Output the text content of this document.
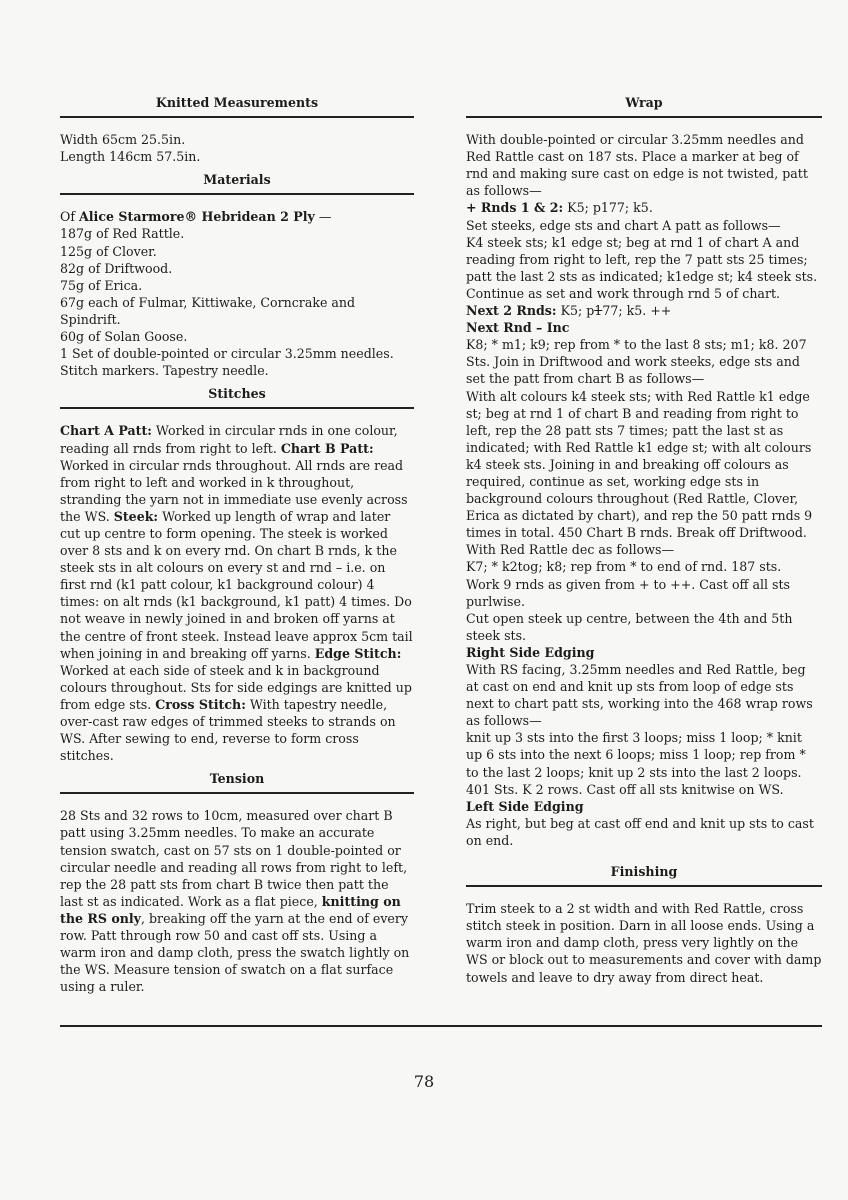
Knitted Measurements

Width 65cm 25.5in.

Length 146cm 57.5in.

Materials

Of Alice Starmore® Hebridean 2 Ply —

187g of Red Rattle.

125g of Clover.

82g of Driftwood.

75g of Erica.

67g each of Fulmar, Kittiwake, Corncrake and Spindrift.

60g of Solan Goose.

1 Set of double-pointed or circular 3.25mm needles.

Stitch markers. Tapestry needle.

Stitches

Chart A Patt: Worked in circular rnds in one colour, reading all rnds from right to left. Chart B Patt: Worked in circular rnds throughout. All rnds are read from right to left and worked in k throughout, stranding the yarn not in immediate use evenly across the WS. Steek: Worked up length of wrap and later cut up centre to form opening. The steek is worked over 8 sts and k on every rnd. On chart B rnds, k the steek sts in alt colours on every st and rnd – i.e. on first rnd (k1 patt colour, k1 background colour) 4 times: on alt rnds (k1 background, k1 patt) 4 times. Do not weave in newly joined in and broken off yarns at the centre of front steek. Instead leave approx 5cm tail when joining in and breaking off yarns. Edge Stitch: Worked at each side of steek and k in background colours throughout. Sts for side edgings are knitted up from edge sts. Cross Stitch: With tapestry needle, over-cast raw edges of trimmed steeks to strands on WS. After sewing to end, reverse to form cross stitches.

Tension

28 Sts and 32 rows to 10cm, measured over chart B patt using 3.25mm needles. To make an accurate tension swatch, cast on 57 sts on 1 double-pointed or circular needle and reading all rows from right to left, rep the 28 patt sts from chart B twice then patt the last st as indicated. Work as a flat piece, knitting on the RS only, breaking off the yarn at the end of every row. Patt through row 50 and cast off sts. Using a warm iron and damp cloth, press the swatch lightly on the WS. Measure tension of swatch on a flat surface using a ruler.

Wrap

With double-pointed or circular 3.25mm needles and Red Rattle cast on 187 sts. Place a marker at beg of rnd and making sure cast on edge is not twisted, patt as follows—

+ Rnds 1 & 2: K5; p177; k5.

Set steeks, edge sts and chart A patt as follows—

K4 steek sts; k1 edge st; beg at rnd 1 of chart A and reading from right to left, rep the 7 patt sts 25 times; patt the last 2 sts as indicated; k1edge st; k4 steek sts. Continue as set and work through rnd 5 of chart.

Next 2 Rnds: K5; p177; k5. ++

Next Rnd – Inc

K8; * m1; k9; rep from * to the last 8 sts; m1; k8. 207 Sts. Join in Driftwood and work steeks, edge sts and set the patt from chart B as follows—

With alt colours k4 steek sts; with Red Rattle k1 edge st; beg at rnd 1 of chart B and reading from right to left, rep the 28 patt sts 7 times; patt the last st as indicated; with Red Rattle k1 edge st; with alt colours k4 steek sts. Joining in and breaking off colours as required, continue as set, working edge sts in background colours throughout (Red Rattle, Clover, Erica as dictated by chart), and rep the 50 patt rnds 9 times in total. 450 Chart B rnds. Break off Driftwood. With Red Rattle dec as follows—

K7; * k2tog; k8; rep from * to end of rnd. 187 sts.

Work 9 rnds as given from + to ++. Cast off all sts purlwise.

Cut open steek up centre, between the 4th and 5th steek sts.

Right Side Edging

With RS facing, 3.25mm needles and Red Rattle, beg at cast on end and knit up sts from loop of edge sts next to chart patt sts, working into the 468 wrap rows as follows—

knit up 3 sts into the first 3 loops; miss 1 loop; * knit up 6 sts into the next 6 loops; miss 1 loop; rep from * to the last 2 loops; knit up 2 sts into the last 2 loops. 401 Sts. K 2 rows. Cast off all sts knitwise on WS.

Left Side Edging

As right, but beg at cast off end and knit up sts to cast on end.

Finishing

Trim steek to a 2 st width and with Red Rattle, cross stitch steek in position. Darn in all loose ends. Using a warm iron and damp cloth, press very lightly on the WS or block out to measurements and cover with damp towels and leave to dry away from direct heat.

78
